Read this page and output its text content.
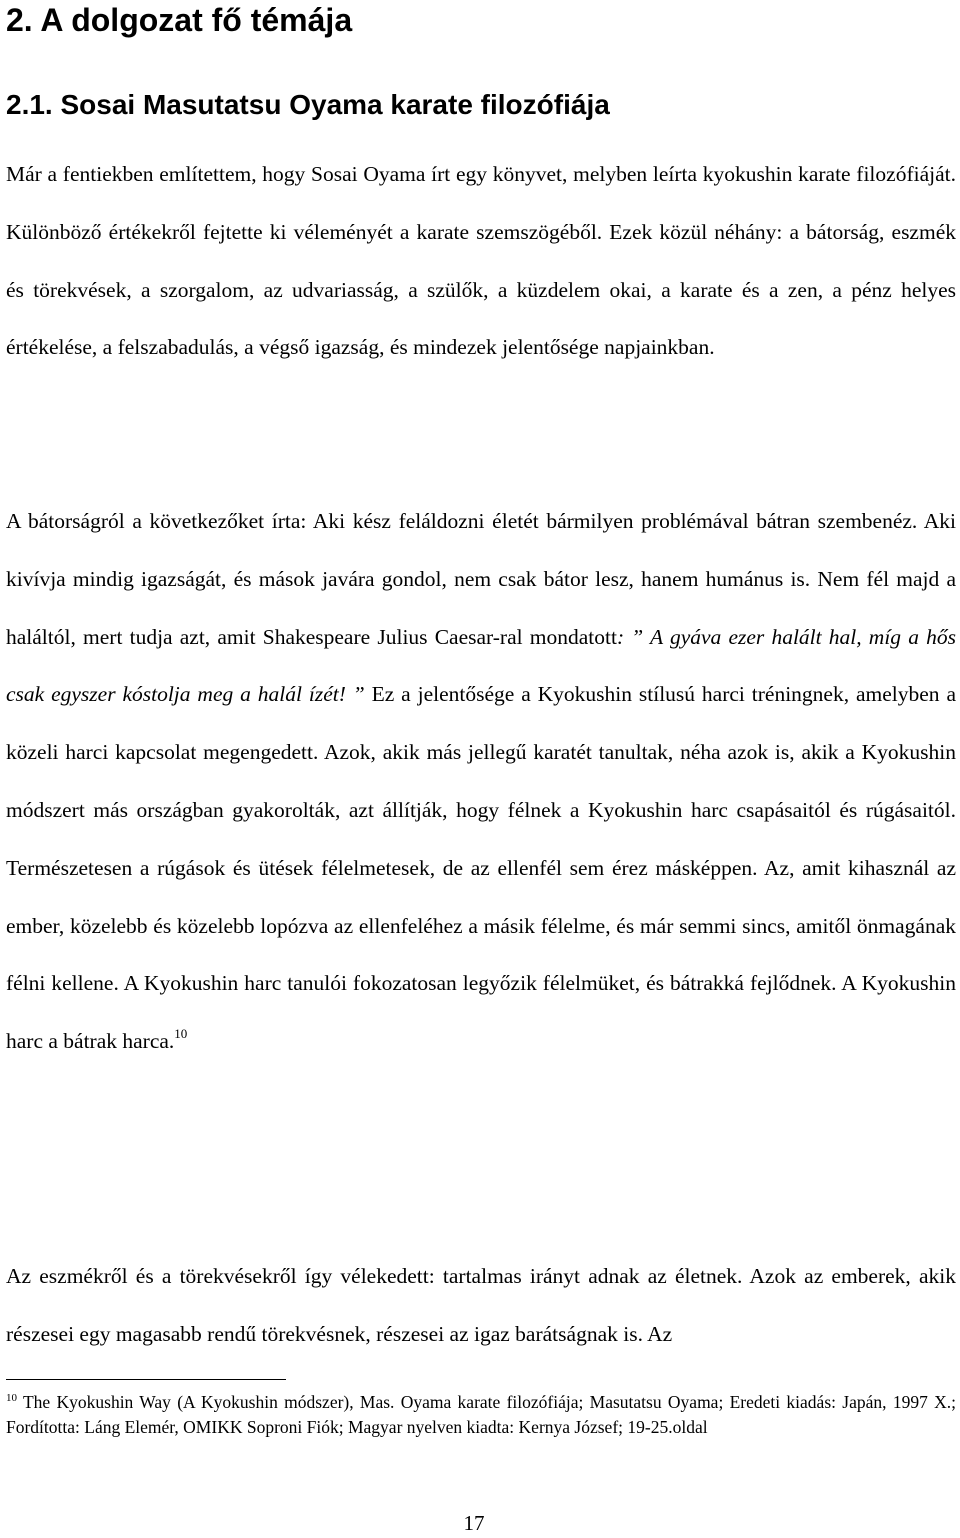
2. A dolgozat fő témája
2.1. Sosai Masutatsu Oyama karate filozófiája

Már a fentiekben említettem, hogy Sosai Oyama írt egy könyvet, melyben leírta kyokushin karate filozófiáját. Különböző értékekről fejtette ki véleményét a karate szemszögéből. Ezek közül néhány: a bátorság, eszmék és törekvések, a szorgalom, az udvariasság, a szülők, a küzdelem okai, a karate és a zen, a pénz helyes értékelése, a felszabadulás, a végső igazság, és mindezek jelentősége napjainkban.

A bátorságról a következőket írta: Aki kész feláldozni életét bármilyen problémával bátran szembenéz. Aki kivívja mindig igazságát, és mások javára gondol, nem csak bátor lesz, hanem humánus is. Nem fél majd a haláltól, mert tudja azt, amit Shakespeare Julius Caesar-ral mondatott: ” A gyáva ezer halált hal, míg a hős csak egyszer kóstolja meg a halál ízét! ” Ez a jelentősége a Kyokushin stílusú harci tréningnek, amelyben a közeli harci kapcsolat megengedett. Azok, akik más jellegű karatét tanultak, néha azok is, akik a Kyokushin módszert más országban gyakorolták, azt állítják, hogy félnek a Kyokushin harc csapásaitól és rúgásaitól. Természetesen a rúgások és ütések félelmetesek, de az ellenfél sem érez másképpen. Az, amit kihasznál az ember, közelebb és közelebb lopózva az ellenfeléhez a másik félelme, és már semmi sincs, amitől önmagának félni kellene. A Kyokushin harc tanulói fokozatosan legyőzik félelmüket, és bátrakká fejlődnek. A Kyokushin harc a bátrak harca.$^{10}$

Az eszmékről és a törekvésekről így vélekedett: tartalmas irányt adnak az életnek. Azok az emberek, akik részesei egy magasabb rendű törekvésnek, részesei az igaz barátságnak is. Az

$^{10}$ The Kyokushin Way (A Kyokushin módszer), Mas. Oyama karate filozófiája; Masutatsu Oyama; Eredeti kiadás: Japán, 1997 X.; Fordította: Láng Elemér, OMIKK Soproni Fiók; Magyar nyelven kiadta: Kernya József; 19-25.oldal

17
